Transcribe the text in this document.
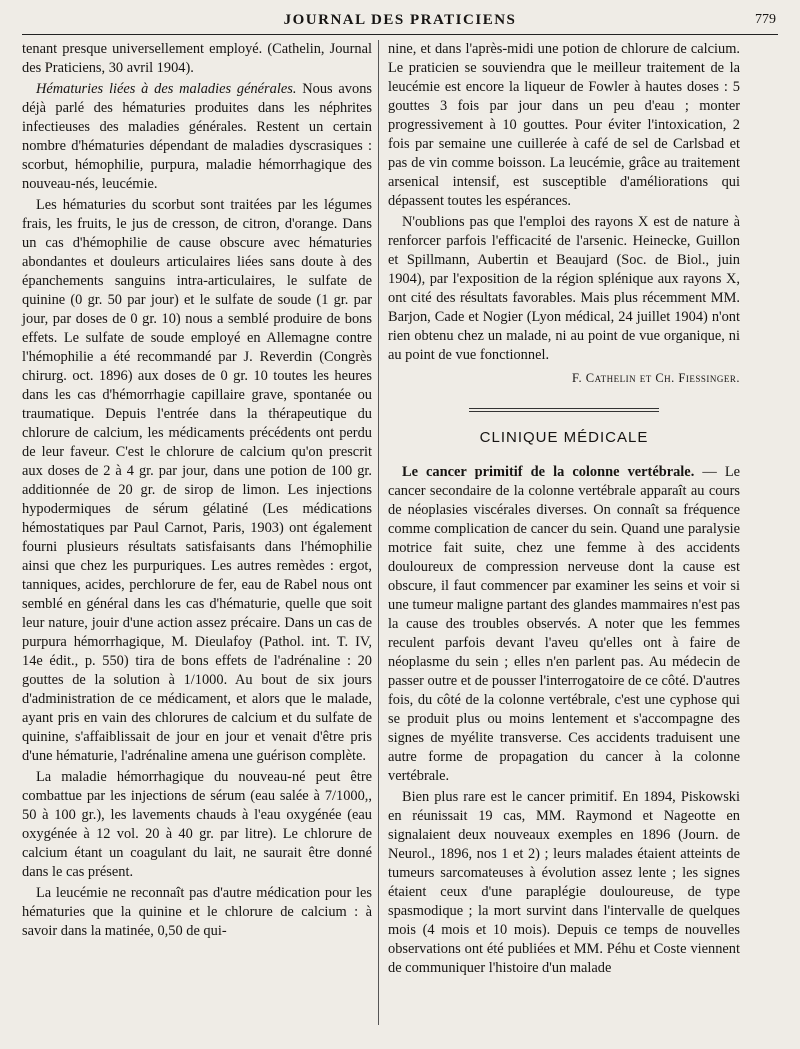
JOURNAL DES PRATICIENS	779

tenant presque universellement employé. (Cathelin, Journal des Praticiens, 30 avril 1904).

Hématuries liées à des maladies générales. Nous avons déjà parlé des hématuries produites dans les néphrites infectieuses des maladies générales. Restent un certain nombre d'hématuries dépendant de maladies dyscrasiques : scorbut, hémophilie, purpura, maladie hémorrhagique des nouveau-nés, leucémie.

Les hématuries du scorbut sont traitées par les légumes frais, les fruits, le jus de cresson, de citron, d'orange. Dans un cas d'hémophilie de cause obscure avec hématuries abondantes et douleurs articulaires liées sans doute à des épanchements sanguins intra-articulaires, le sulfate de quinine (0 gr. 50 par jour) et le sulfate de soude (1 gr. par jour, par doses de 0 gr. 10) nous a semblé produire de bons effets. Le sulfate de soude employé en Allemagne contre l'hémophilie a été recommandé par J. Reverdin (Congrès chirurg. oct. 1896) aux doses de 0 gr. 10 toutes les heures dans les cas d'hémorrhagie capillaire grave, spontanée ou traumatique. Depuis l'entrée dans la thérapeutique du chlorure de calcium, les médicaments précédents ont perdu de leur faveur. C'est le chlorure de calcium qu'on prescrit aux doses de 2 à 4 gr. par jour, dans une potion de 100 gr. additionnée de 20 gr. de sirop de limon. Les injections hypodermiques de sérum gélatiné (Les médications hémostatiques par Paul Carnot, Paris, 1903) ont également fourni plusieurs résultats satisfaisants dans l'hémophilie ainsi que chez les purpuriques. Les autres remèdes : ergot, tanniques, acides, perchlorure de fer, eau de Rabel nous ont semblé en général dans les cas d'hématurie, quelle que soit leur nature, jouir d'une action assez précaire. Dans un cas de purpura hémorrhagique, M. Dieulafoy (Pathol. int. T. IV, 14e édit., p. 550) tira de bons effets de l'adrénaline : 20 gouttes de la solution à 1/1000. Au bout de six jours d'administration de ce médicament, et alors que le malade, ayant pris en vain des chlorures de calcium et du sulfate de quinine, s'affaiblissait de jour en jour et venait d'être pris d'une hématurie, l'adrénaline amena une guérison complète.

La maladie hémorrhagique du nouveau-né peut être combattue par les injections de sérum (eau salée à 7/1000,, 50 à 100 gr.), les lavements chauds à l'eau oxygénée (eau oxygénée à 12 vol. 20 à 40 gr. par litre). Le chlorure de calcium étant un coagulant du lait, ne saurait être donné dans le cas présent.

La leucémie ne reconnaît pas d'autre médication pour les hématuries que la quinine et le chlorure de calcium : à savoir dans la matinée, 0,50 de qui-

nine, et dans l'après-midi une potion de chlorure de calcium. Le praticien se souviendra que le meilleur traitement de la leucémie est encore la liqueur de Fowler à hautes doses : 5 gouttes 3 fois par jour dans un peu d'eau ; monter progressivement à 10 gouttes. Pour éviter l'intoxication, 2 fois par semaine une cuillerée à café de sel de Carlsbad et pas de vin comme boisson. La leucémie, grâce au traitement arsenical intensif, est susceptible d'améliorations qui dépassent toutes les espérances.

N'oublions pas que l'emploi des rayons X est de nature à renforcer parfois l'efficacité de l'arsenic. Heinecke, Guillon et Spillmann, Aubertin et Beaujard (Soc. de Biol., juin 1904), par l'exposition de la région splénique aux rayons X, ont cité des résultats favorables. Mais plus récemment MM. Barjon, Cade et Nogier (Lyon médical, 24 juillet 1904) n'ont rien obtenu chez un malade, ni au point de vue organique, ni au point de vue fonctionnel.

F. Cathelin et Ch. Fiessinger.
CLINIQUE MÉDICALE

Le cancer primitif de la colonne vertébrale. — Le cancer secondaire de la colonne vertébrale apparaît au cours de néoplasies viscérales diverses. On connaît sa fréquence comme complication de cancer du sein. Quand une paralysie motrice fait suite, chez une femme à des accidents douloureux de compression nerveuse dont la cause est obscure, il faut commencer par examiner les seins et voir si une tumeur maligne partant des glandes mammaires n'est pas la cause des troubles observés. A noter que les femmes reculent parfois devant l'aveu qu'elles ont à faire de néoplasme du sein ; elles n'en parlent pas. Au médecin de passer outre et de pousser l'interrogatoire de ce côté. D'autres fois, du côté de la colonne vertébrale, c'est une cyphose qui se produit plus ou moins lentement et s'accompagne des signes de myélite transverse. Ces accidents traduisent une autre forme de propagation du cancer à la colonne vertébrale.

Bien plus rare est le cancer primitif. En 1894, Piskowski en réunissait 19 cas, MM. Raymond et Nageotte en signalaient deux nouveaux exemples en 1896 (Journ. de Neurol., 1896, nos 1 et 2) ; leurs malades étaient atteints de tumeurs sarcomateuses à évolution assez lente ; les signes étaient ceux d'une paraplégie douloureuse, de type spasmodique ; la mort survint dans l'intervalle de quelques mois (4 mois et 10 mois). Depuis ce temps de nouvelles observations ont été publiées et MM. Péhu et Coste viennent de communiquer l'histoire d'un malade
